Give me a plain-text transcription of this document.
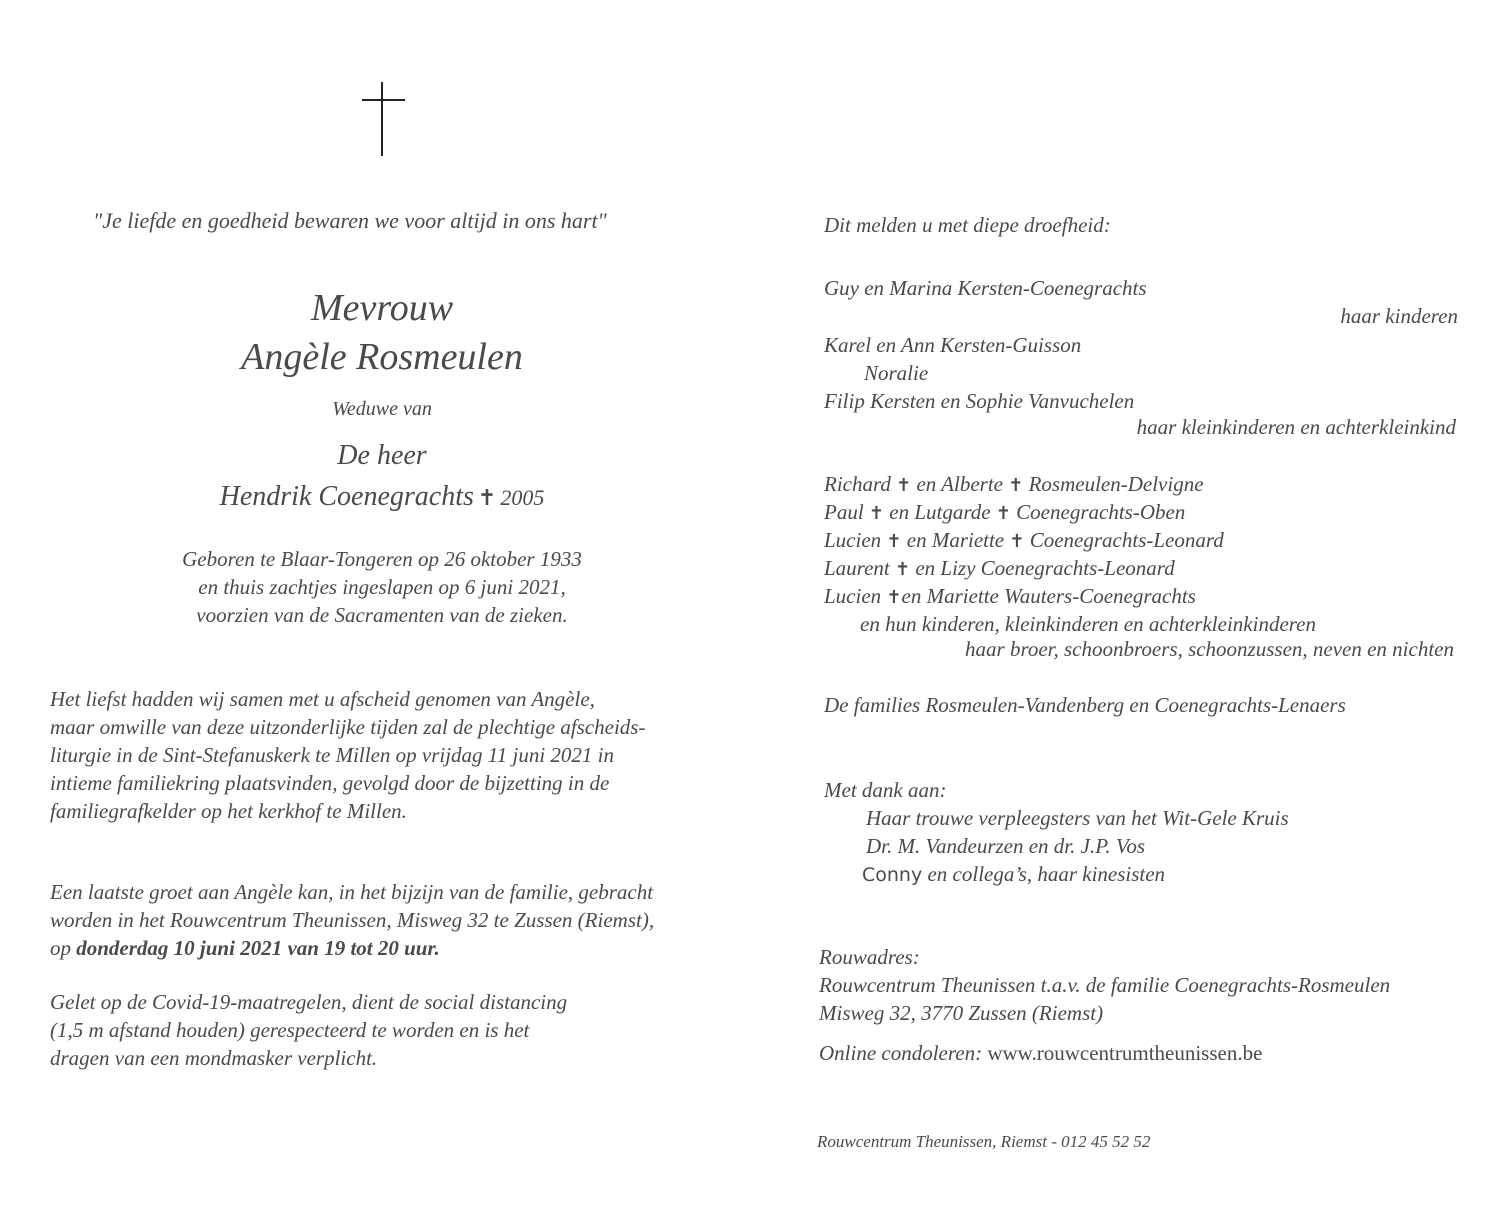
"Je liefde en goedheid bewaren we voor altijd in ons hart"
Mevrouw
Angèle Rosmeulen
Weduwe van
De heer
Hendrik Coenegrachts ✝ 2005
Geboren te Blaar-Tongeren op 26 oktober 1933
en thuis zachtjes ingeslapen op 6 juni 2021,
voorzien van de Sacramenten van de zieken.
Het liefst hadden wij samen met u afscheid genomen van Angèle,
maar omwille van deze uitzonderlijke tijden zal de plechtige afscheids-
liturgie in de Sint-Stefanuskerk te Millen op vrijdag 11 juni 2021 in
intieme familiekring plaatsvinden, gevolgd door de bijzetting in de
familiegrafkelder op het kerkhof te Millen.
Een laatste groet aan Angèle kan, in het bijzijn van de familie, gebracht
worden in het Rouwcentrum Theunissen, Misweg 32 te Zussen (Riemst),
op donderdag 10 juni 2021 van 19 tot 20 uur.
Gelet op de Covid-19-maatregelen, dient de social distancing
(1,5 m afstand houden) gerespecteerd te worden en is het
dragen van een mondmasker verplicht.
Dit melden u met diepe droefheid:
Guy en Marina Kersten-Coenegrachts
haar kinderen
Karel en Ann Kersten-Guisson
Noralie
Filip Kersten en Sophie Vanvuchelen
haar kleinkinderen en achterkleinkind
Richard ✝ en Alberte ✝ Rosmeulen-Delvigne
Paul ✝ en Lutgarde ✝ Coenegrachts-Oben
Lucien ✝ en Mariette ✝ Coenegrachts-Leonard
Laurent ✝ en Lizy Coenegrachts-Leonard
Lucien ✝en Mariette Wauters-Coenegrachts
en hun kinderen, kleinkinderen en achterkleinkinderen
haar broer, schoonbroers, schoonzussen, neven en nichten
De families Rosmeulen-Vandenberg en Coenegrachts-Lenaers
Met dank aan:
Haar trouwe verpleegsters van het Wit-Gele Kruis
Dr. M. Vandeurzen en dr. J.P. Vos
Conny en collega’s, haar kinesisten
Rouwadres:
Rouwcentrum Theunissen t.a.v. de familie Coenegrachts-Rosmeulen
Misweg 32, 3770 Zussen (Riemst)
Online condoleren: www.rouwcentrumtheunissen.be
Rouwcentrum Theunissen, Riemst - 012 45 52 52
